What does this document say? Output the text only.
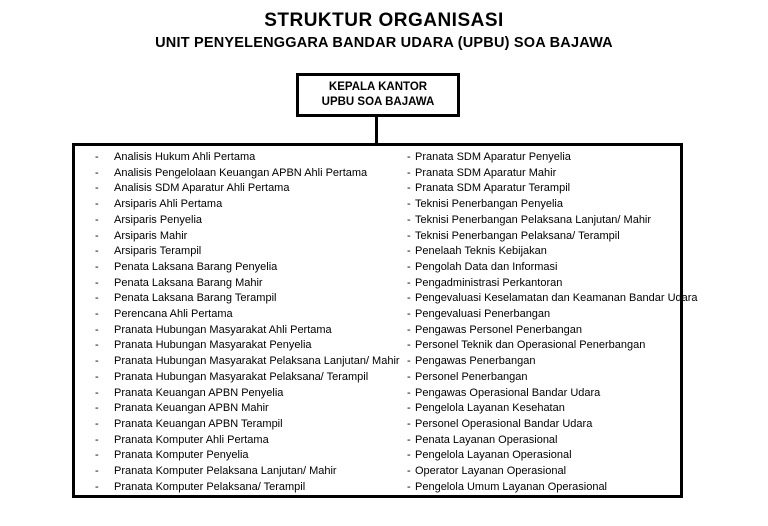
STRUKTUR ORGANISASI
UNIT PENYELENGGARA BANDAR UDARA (UPBU) SOA BAJAWA
KEPALA KANTOR
UPBU SOA BAJAWA
-	Analisis Hukum Ahli Pertama
-	Analisis Pengelolaan Keuangan APBN Ahli Pertama
-	Analisis SDM Aparatur Ahli Pertama
-	Arsiparis Ahli Pertama
-	Arsiparis Penyelia
-	Arsiparis Mahir
-	Arsiparis Terampil
-	Penata Laksana Barang Penyelia
-	Penata Laksana Barang Mahir
-	Penata Laksana Barang Terampil
-	Perencana Ahli Pertama
-	Pranata Hubungan Masyarakat Ahli Pertama
-	Pranata Hubungan Masyarakat Penyelia
-	Pranata Hubungan Masyarakat Pelaksana Lanjutan/ Mahir
-	Pranata Hubungan Masyarakat Pelaksana/ Terampil
-	Pranata Keuangan APBN Penyelia
-	Pranata Keuangan APBN Mahir
-	Pranata Keuangan APBN Terampil
-	Pranata Komputer Ahli Pertama
-	Pranata Komputer Penyelia
-	Pranata Komputer Pelaksana Lanjutan/ Mahir
-	Pranata Komputer Pelaksana/ Terampil
- Pranata SDM Aparatur Penyelia
- Pranata SDM Aparatur Mahir
- Pranata SDM Aparatur Terampil
- Teknisi Penerbangan Penyelia
- Teknisi Penerbangan Pelaksana Lanjutan/ Mahir
- Teknisi Penerbangan Pelaksana/ Terampil
- Penelaah Teknis Kebijakan
- Pengolah Data dan Informasi
- Pengadministrasi Perkantoran
- Pengevaluasi Keselamatan dan Keamanan Bandar Udara
- Pengevaluasi Penerbangan
- Pengawas Personel Penerbangan
- Personel Teknik dan Operasional Penerbangan
- Pengawas Penerbangan
- Personel Penerbangan
- Pengawas Operasional Bandar Udara
- Pengelola Layanan Kesehatan
- Personel Operasional Bandar Udara
- Penata Layanan Operasional
- Pengelola Layanan Operasional
- Operator Layanan Operasional
- Pengelola Umum Layanan Operasional
